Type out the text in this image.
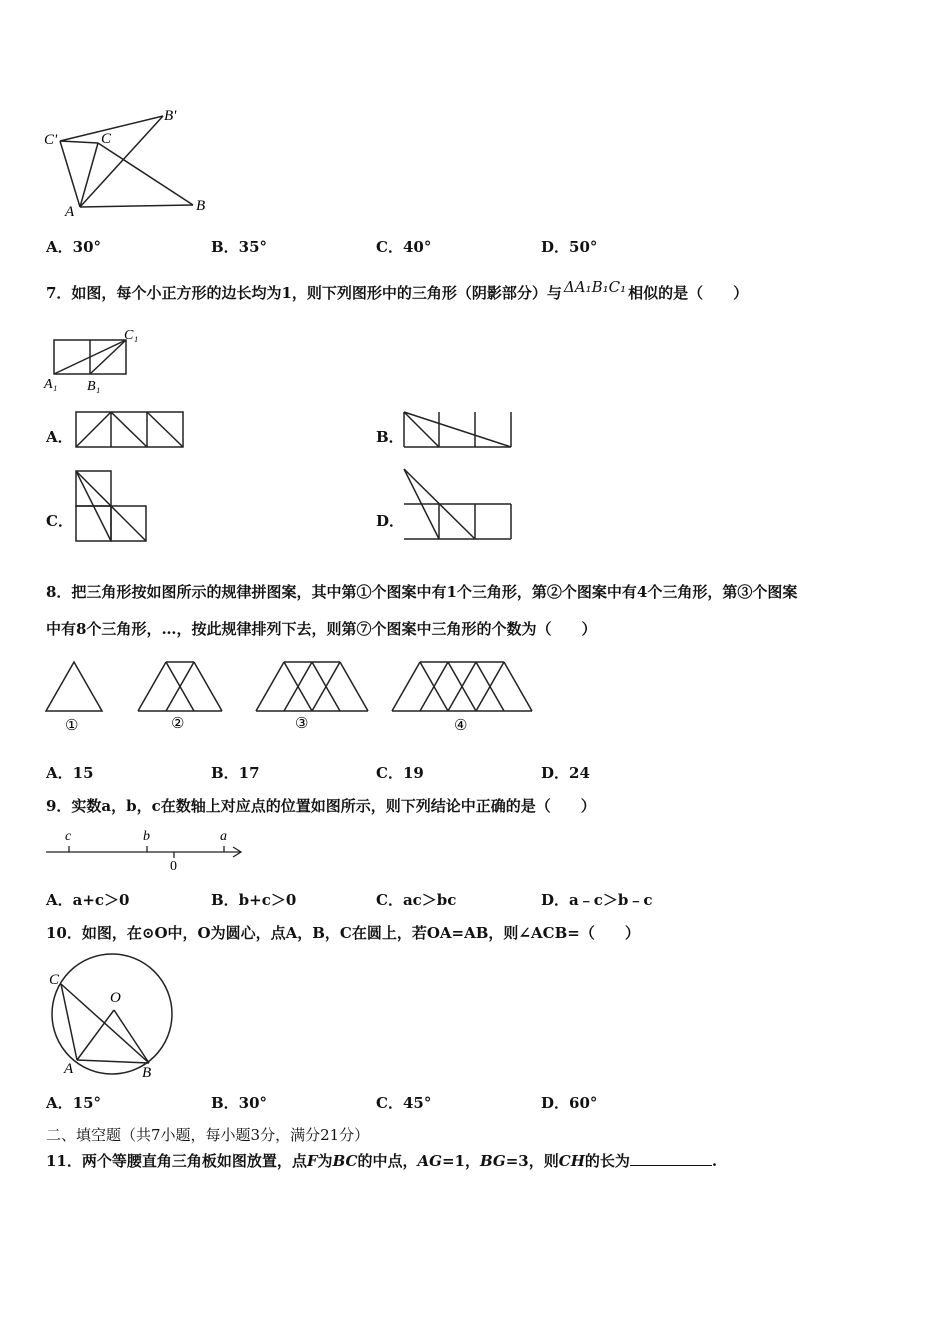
C'	C
B'
A	B
A．30°	B．35°	C．40°	D．50°
7．如图，每个小正方形的边长均为1，则下列图形中的三角形（阴影部分）与 ΔA₁B₁C₁ 相似的是（　　）
C₁
A₁ B₁
A．	B．
C．	D．
8．把三角形按如图所示的规律拼图案，其中第①个图案中有1个三角形，第②个图案中有4个三角形，第③个图案
中有8个三角形，…，按此规律排列下去，则第⑦个图案中三角形的个数为（　　）
①	②	③	④
A．15	B．17	C．19	D．24
9．实数a，b，c在数轴上对应点的位置如图所示，则下列结论中正确的是（　　）
c	b
0
a
A．a+c＞0	B．b+c＞0	C．ac＞bc	D．a﹣c＞b﹣c
10．如图，在⊙O中，O为圆心，点A，B，C在圆上，若OA=AB，则∠ACB=（　　）
C
O
A	B
A．15°	B．30°	C．45°	D．60°
二、填空题（共7小题，每小题3分，满分21分）
11．两个等腰直角三角板如图放置，点F为BC的中点，AG=1，BG=3，则CH的长为	.
